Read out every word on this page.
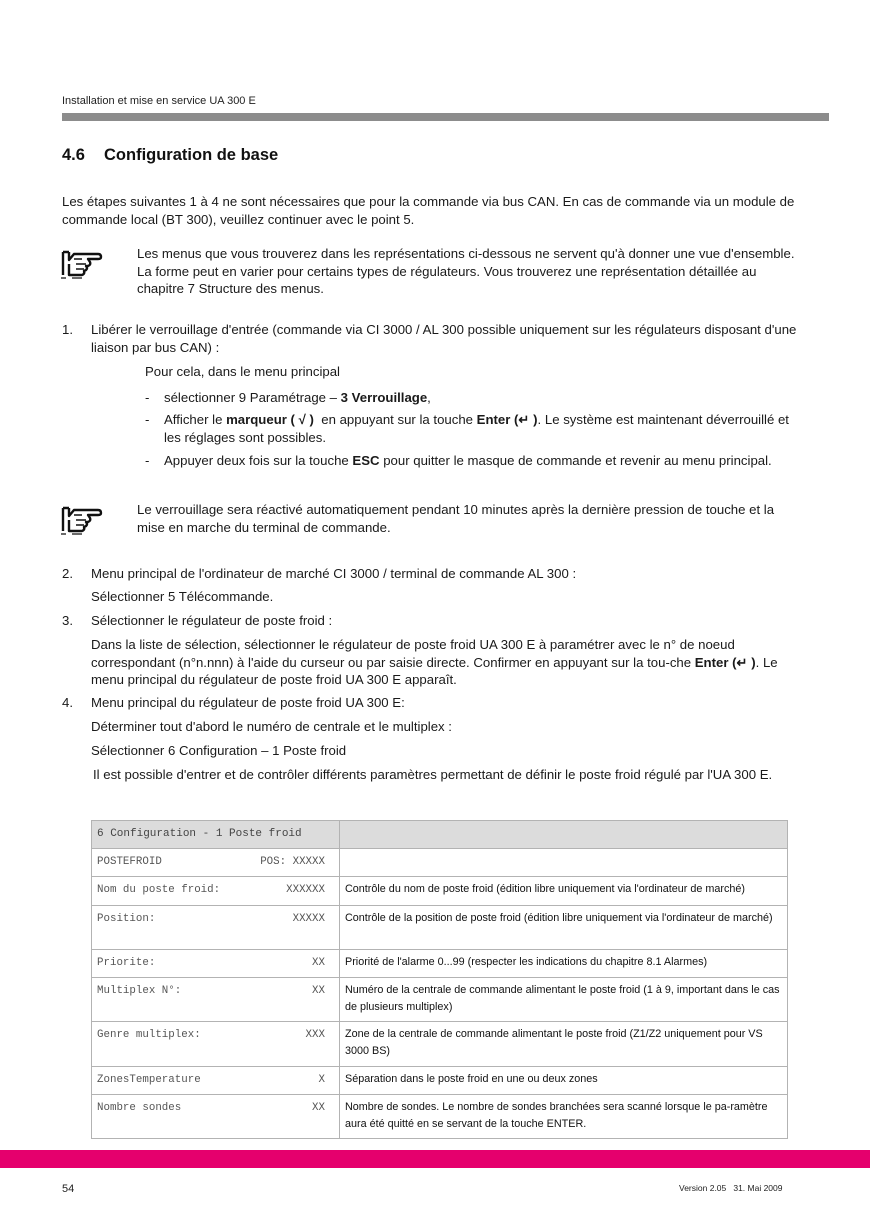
Installation et mise en service UA 300 E
4.6 Configuration de base
Les étapes suivantes 1 à 4 ne sont nécessaires que pour la commande via bus CAN. En cas de commande via un module de commande local (BT 300), veuillez continuer avec le point 5.
Les menus que vous trouverez dans les représentations ci-dessous ne servent qu'à donner une vue d'ensemble. La forme peut en varier pour certains types de régulateurs. Vous trouverez une représentation détaillée au chapitre 7 Structure des menus.
1. Libérer le verrouillage d'entrée (commande via CI 3000 / AL 300 possible uniquement sur les régulateurs disposant d'une liaison par bus CAN) :
Pour cela, dans le menu principal
- sélectionner 9 Paramétrage – 3 Verrouillage,
- Afficher le marqueur ( √ )  en appuyant sur la touche Enter (↵ ). Le système est maintenant déverrouillé et les réglages sont possibles.
- Appuyer deux fois sur la touche ESC pour quitter le masque de commande et revenir au menu principal.
Le verrouillage sera réactivé automatiquement pendant 10 minutes après la dernière pression de touche et la mise en marche du terminal de commande.
2. Menu principal de l'ordinateur de marché CI 3000 / terminal de commande AL 300 :
Sélectionner 5 Télécommande.
3. Sélectionner le régulateur de poste froid :
Dans la liste de sélection, sélectionner le régulateur de poste froid UA 300 E à paramétrer avec le n° de noeud correspondant (n°n.nnn) à l'aide du curseur ou par saisie directe. Confirmer en appuyant sur la tou-che Enter (↵ ). Le menu principal du régulateur de poste froid UA 300 E apparaît.
4. Menu principal du régulateur de poste froid UA 300 E:
Déterminer tout d'abord le numéro de centrale et le multiplex :
Sélectionner 6 Configuration – 1 Poste froid
Il est possible d'entrer et de contrôler différents paramètres permettant de définir le poste froid régulé par l'UA 300 E.
6 Configuration - 1 Poste froid	

POSTEFROID POS: XXXXX	

Nom du poste froid: XXXXXX	Contrôle du nom de poste froid (édition libre uniquement via l'ordinateur de marché)

Position: XXXXX	Contrôle de la position de poste froid (édition libre uniquement via l'ordinateur de marché)

Priorite: XX	Priorité de l'alarme 0...99 (respecter les indications du chapitre 8.1 Alarmes)

Multiplex N°: XX	Numéro de la centrale de commande alimentant le poste froid (1 à 9, important dans le cas de plusieurs multiplex)

Genre multiplex: XXX	Zone de la centrale de commande alimentant le poste froid (Z1/Z2 uniquement pour VS 3000 BS)

ZonesTemperature X	Séparation dans le poste froid en une ou deux zones

Nombre sondes XX	Nombre de sondes. Le nombre de sondes branchées sera scanné lorsque le pa-ramètre aura été quitté en se servant de la touche ENTER.
54	Version 2.05   31. Mai 2009
